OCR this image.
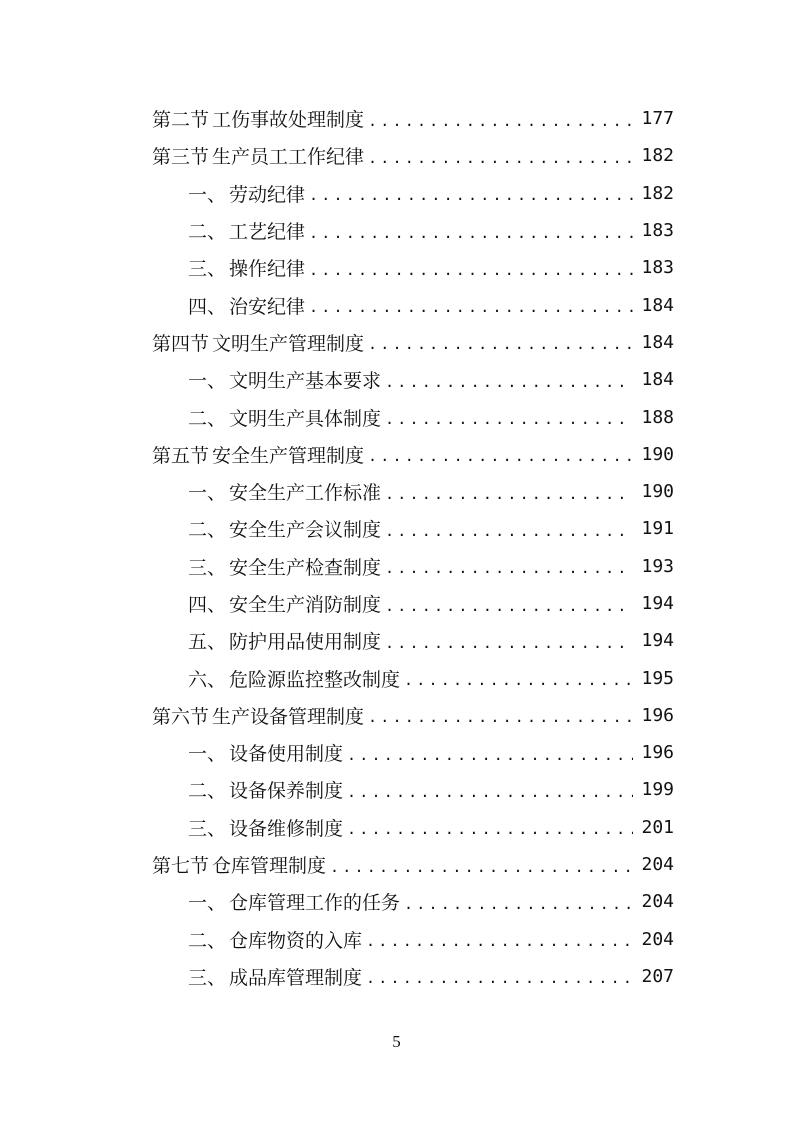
第二节 工伤事故处理制度 .....	177
第三节 生产员工工作纪律 .....	182
一、 劳动纪律 .....	182
二、 工艺纪律 .....	183
三、 操作纪律 .....	183
四、 治安纪律 .....	184
第四节 文明生产管理制度 .....	184
一、 文明生产基本要求 .....	184
二、 文明生产具体制度 .....	188
第五节 安全生产管理制度 .....	190
一、 安全生产工作标准 .....	190
二、 安全生产会议制度 .....	191
三、 安全生产检查制度 .....	193
四、 安全生产消防制度 .....	194
五、 防护用品使用制度 .....	194
六、 危险源监控整改制度 .....	195
第六节 生产设备管理制度 .....	196
一、 设备使用制度 .....	196
二、 设备保养制度 .....	199
三、 设备维修制度 .....	201
第七节 仓库管理制度 .....	204
一、 仓库管理工作的任务 .....	204
二、 仓库物资的入库 .....	204
三、 成品库管理制度 .....	207
5
